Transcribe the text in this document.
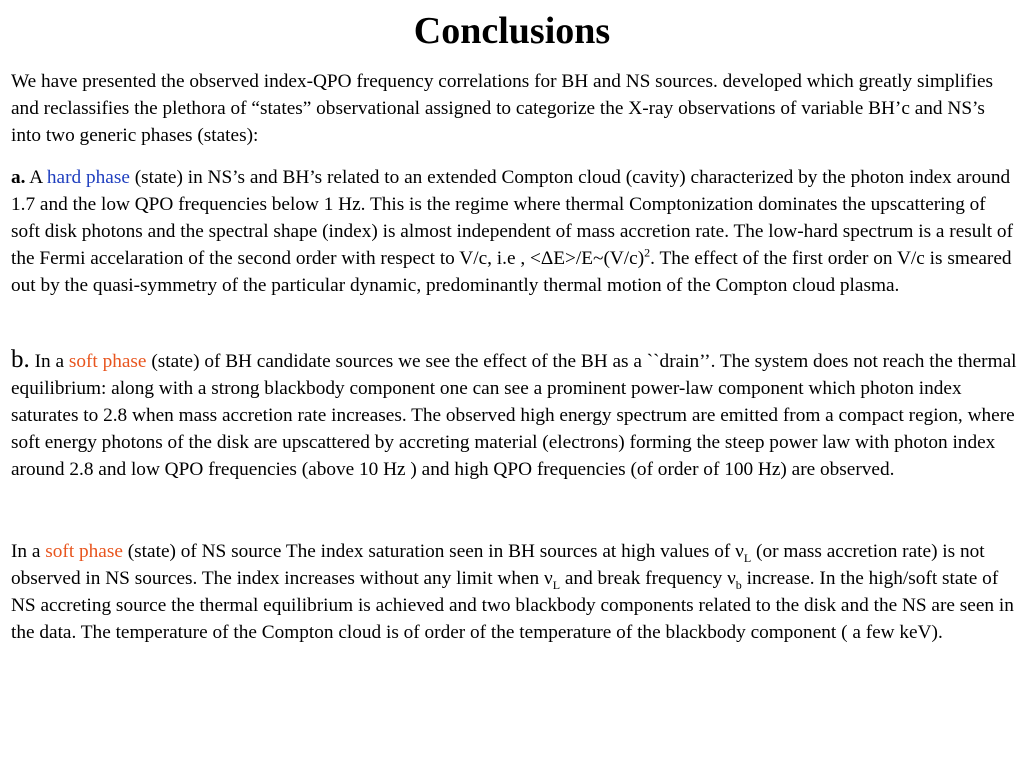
Conclusions

We have presented the observed index-QPO frequency correlations for BH and NS sources. developed which greatly simplifies and reclassifies the plethora of “states” observational assigned to categorize the X-ray observations of variable BH’c and NS’s into two generic phases (states):

a. A hard phase (state) in NS’s and BH’s related to an extended Compton cloud (cavity) characterized by the photon index around 1.7 and the low QPO frequencies below 1 Hz. This is the regime where thermal Comptonization dominates the upscattering of soft disk photons and the spectral shape (index) is almost independent of mass accretion rate. The low-hard spectrum is a result of the Fermi accelaration of the second order with respect to V/c, i.e , $<\Delta E>/E\sim(V/c)^2$. The effect of the first order on V/c is smeared out by the quasi-symmetry of the particular dynamic, predominantly thermal motion of the Compton cloud plasma.

b. In a soft phase (state) of BH candidate sources we see the effect of the BH as a ``drain’’. The system does not reach the thermal equilibrium: along with a strong blackbody component one can see a prominent power-law component which photon index saturates to 2.8 when mass accretion rate increases. The observed high energy spectrum are emitted from a compact region, where soft energy photons of the disk are upscattered by accreting material (electrons) forming the steep power law with photon index around 2.8 and low QPO frequencies (above 10 Hz ) and high QPO frequencies (of order of 100 Hz) are observed.

In a soft phase (state) of NS source The index saturation seen in BH sources at high values of $\nu_L$ (or mass accretion rate) is not observed in NS sources. The index increases without any limit when $\nu_L$ and break frequency $\nu_b$ increase. In the high/soft state of NS accreting source the thermal equilibrium is achieved and two blackbody components related to the disk and the NS are seen in the data. The temperature of the Compton cloud is of order of the temperature of the blackbody component ( a few keV).
